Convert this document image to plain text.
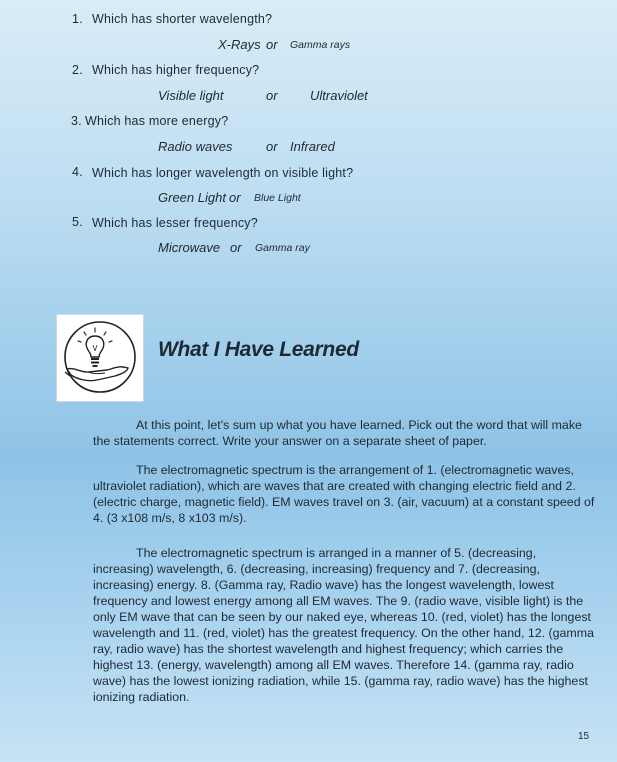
1. Which has shorter wavelength?
X-Rays or Gamma rays
2. Which has higher frequency?
Visible light	or Ultraviolet
3. Which has more energy?
Radio waves	or Infrared
4. Which has longer wavelength on visible light?
Green Light or Blue Light
5. Which has lesser frequency?
Microwave or Gamma ray
What I Have Learned

At this point, let's sum up what you have learned. Pick out the word that will make the statements correct. Write your answer on a separate sheet of paper.

The electromagnetic spectrum is the arrangement of 1. (electromagnetic waves, ultraviolet radiation), which are waves that are created with changing electric field and 2. (electric charge, magnetic field). EM waves travel on 3. (air, vacuum) at a constant speed of 4. (3 x108 m/s, 8 x103 m/s).

The electromagnetic spectrum is arranged in a manner of 5. (decreasing, increasing) wavelength, 6. (decreasing, increasing) frequency and 7. (decreasing, increasing) energy. 8. (Gamma ray, Radio wave) has the longest wavelength, lowest frequency and lowest energy among all EM waves. The 9. (radio wave, visible light) is the only EM wave that can be seen by our naked eye, whereas 10. (red, violet) has the longest wavelength and 11. (red, violet) has the greatest frequency. On the other hand, 12. (gamma ray, radio wave) has the shortest wavelength and highest frequency; which carries the highest 13. (energy, wavelength) among all EM waves. Therefore 14. (gamma ray, radio wave) has the lowest ionizing radiation, while 15. (gamma ray, radio wave) has the highest ionizing radiation.

15
